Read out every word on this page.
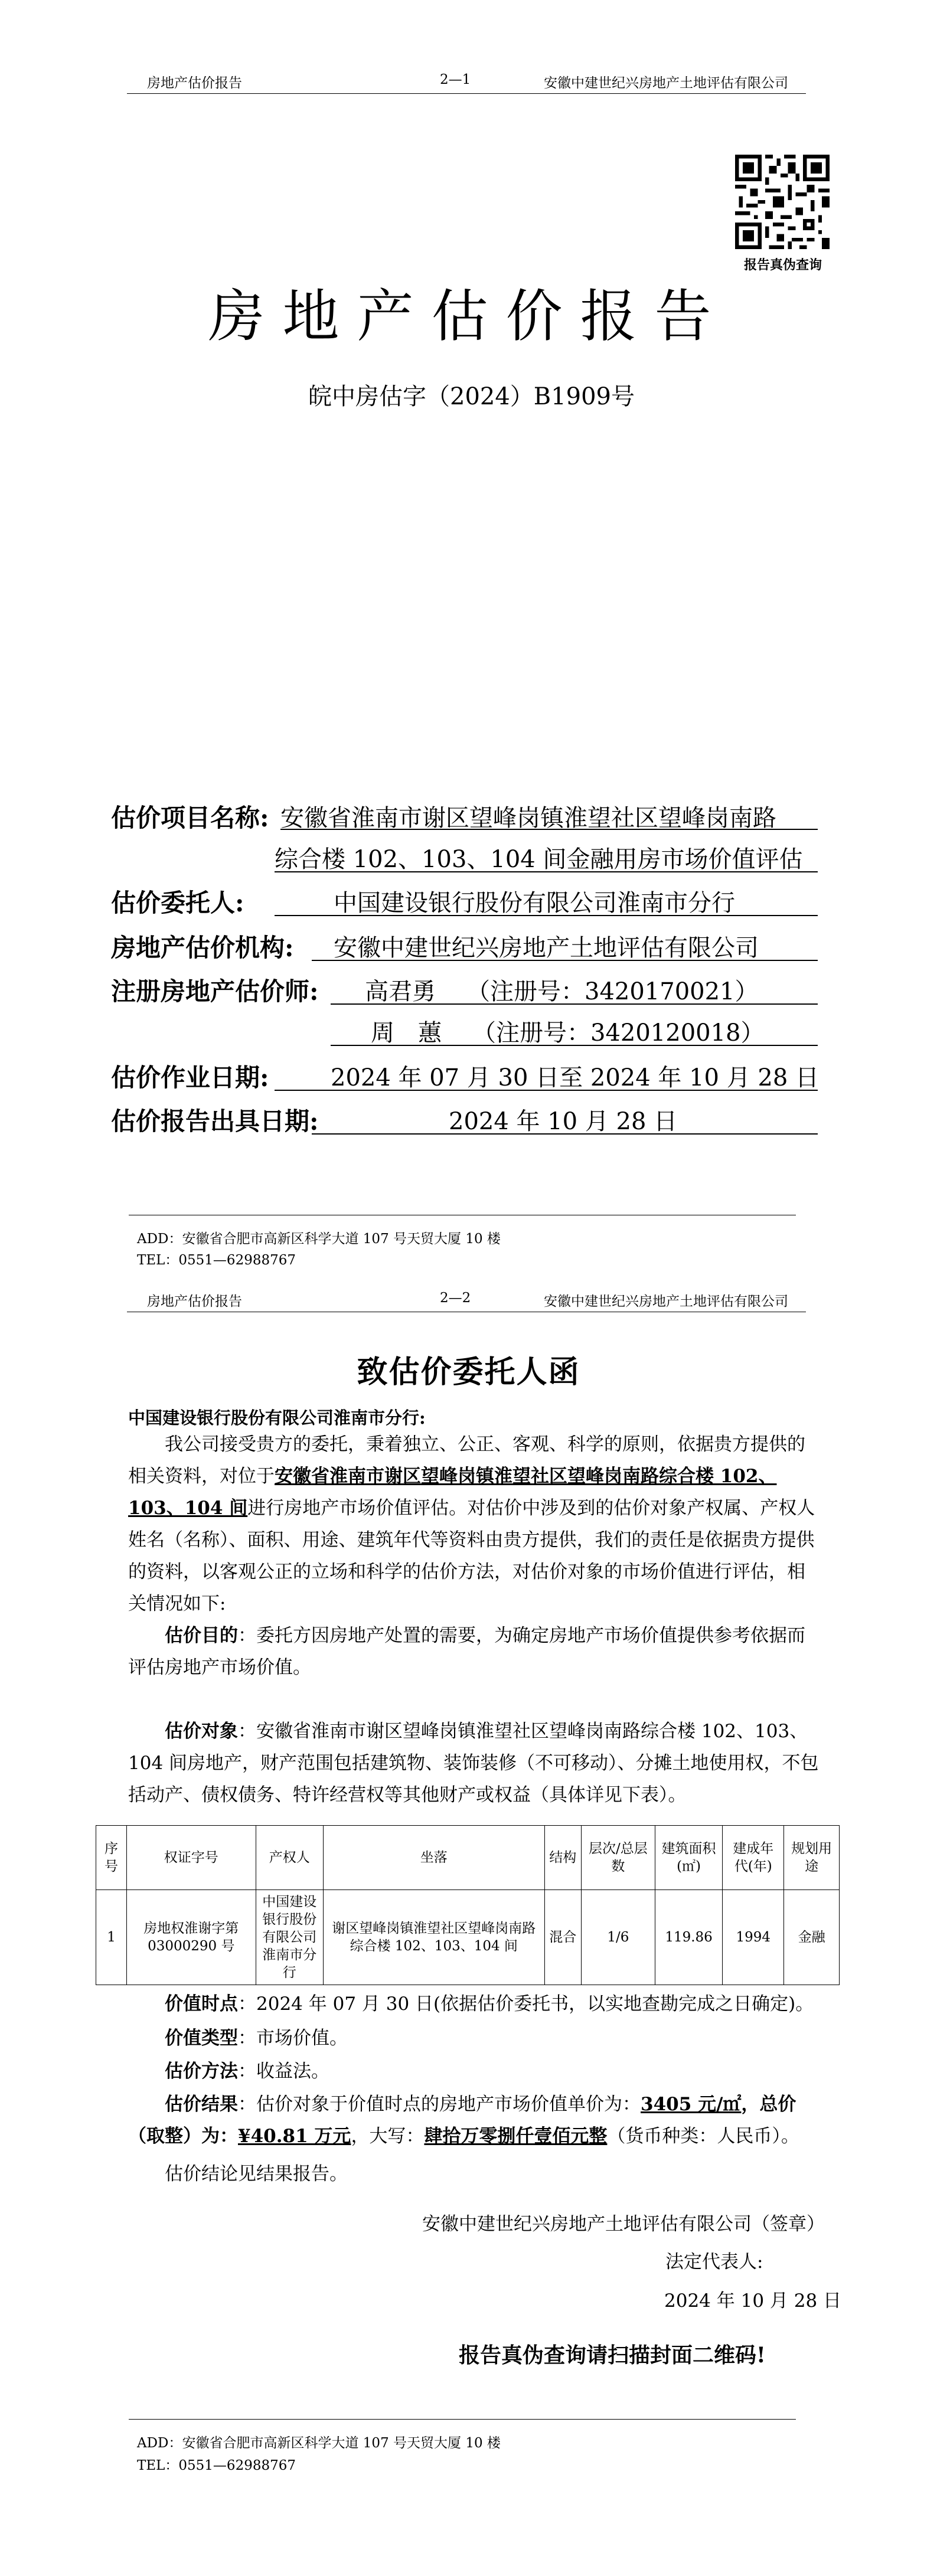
房地产估价报告	2—1	安徽中建世纪兴房地产土地评估有限公司
报告真伪查询
房地产估价报告
皖中房估字（2024）B1909号
估价项目名称: 安徽省淮南市谢区望峰岗镇淮望社区望峰岗南路
综合楼 102、103、104 间金融用房市场价值评估
估价委托人:	中国建设银行股份有限公司淮南市分行
房地产估价机构: 安徽中建世纪兴房地产土地评估有限公司
注册房地产估价师: 高君勇 （注册号：3420170021）
周　蕙 （注册号：3420120018）
估价作业日期:	2024 年 07 月 30 日至 2024 年 10 月 28 日
估价报告出具日期:	2024 年 10 月 28 日
ADD：安徽省合肥市高新区科学大道 107 号天贸大厦 10 楼
TEL：0551—62988767
房地产估价报告	2—2	安徽中建世纪兴房地产土地评估有限公司
致估价委托人函
中国建设银行股份有限公司淮南市分行:
我公司接受贵方的委托，秉着独立、公正、客观、科学的原则，依据贵方提供的相关资料，对位于安徽省淮南市谢区望峰岗镇淮望社区望峰岗南路综合楼 102、103、104 间进行房地产市场价值评估。对估价中涉及到的估价对象产权属、产权人姓名（名称）、面积、用途、建筑年代等资料由贵方提供，我们的责任是依据贵方提供的资料，以客观公正的立场和科学的估价方法，对估价对象的市场价值进行评估，相关情况如下:
估价目的：委托方因房地产处置的需要，为确定房地产市场价值提供参考依据而评估房地产市场价值。
估价对象：安徽省淮南市谢区望峰岗镇淮望社区望峰岗南路综合楼 102、103、104 间房地产，财产范围包括建筑物、装饰装修（不可移动）、分摊土地使用权，不包括动产、债权债务、特许经营权等其他财产或权益（具体详见下表）。
序号	权证字号	产权人	坐落	结构	层次/总层数	建筑面积(㎡)	建成年代(年)	规划用途
1	房地权淮谢字第 03000290 号	中国建设银行股份有限公司淮南市分行	谢区望峰岗镇淮望社区望峰岗南路综合楼 102、103、104 间	混合	1/6	119.86	1994	金融
价值时点：2024 年 07 月 30 日(依据估价委托书，以实地查勘完成之日确定)。
价值类型：市场价值。
估价方法：收益法。
估价结果：估价对象于价值时点的房地产市场价值单价为：3405 元/㎡，总价（取整）为：¥40.81 万元，大写：肆拾万零捌仟壹佰元整（货币种类：人民币）。
估价结论见结果报告。
安徽中建世纪兴房地产土地评估有限公司（签章）
法定代表人:
2024 年 10 月 28 日
报告真伪查询请扫描封面二维码!
ADD：安徽省合肥市高新区科学大道 107 号天贸大厦 10 楼
TEL：0551—62988767
